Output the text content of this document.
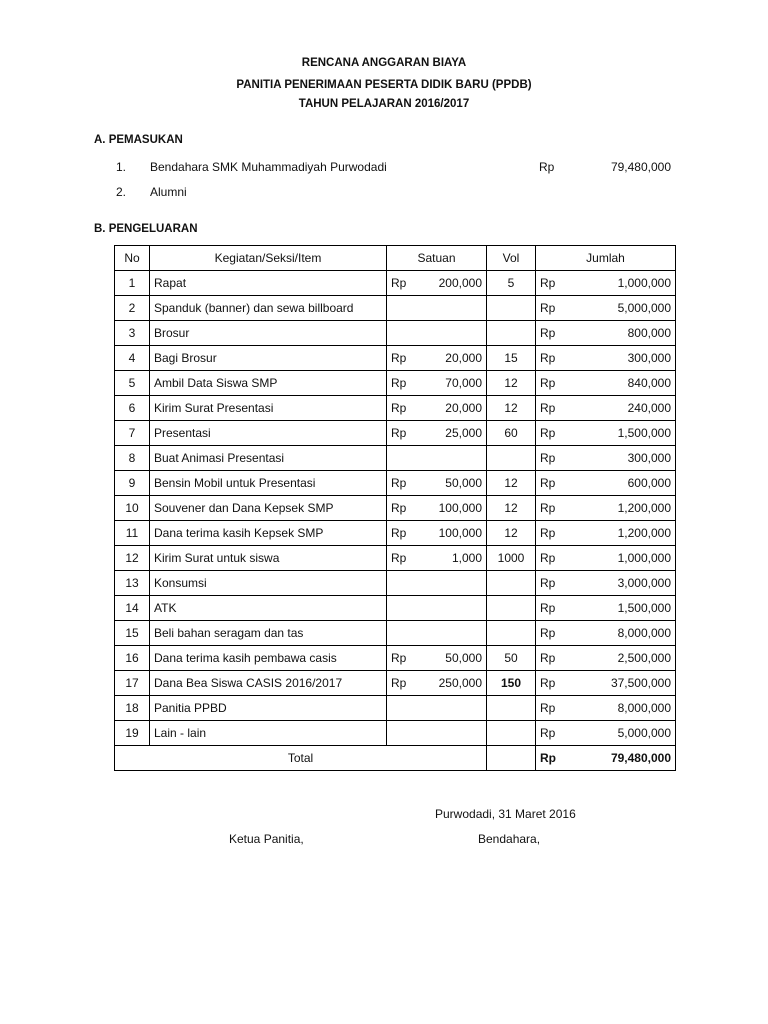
RENCANA ANGGARAN BIAYA
PANITIA PENERIMAAN PESERTA DIDIK BARU (PPDB)
TAHUN PELAJARAN 2016/2017
A. PEMASUKAN
1. Bendahara SMK Muhammadiyah Purwodadi	Rp	79,480,000
2. Alumni
B. PENGELUARAN
No	Kegiatan/Seksi/Item	Satuan	Vol	Jumlah
1	Rapat	Rp 200,000	5	Rp 1,000,000

2	Spanduk (banner) dan sewa billboard			Rp 5,000,000

3	Brosur			Rp 800,000

4	Bagi Brosur	Rp 20,000	15	Rp 300,000

5	Ambil Data Siswa SMP	Rp 70,000	12	Rp 840,000

6	Kirim Surat Presentasi	Rp 20,000	12	Rp 240,000

7	Presentasi	Rp 25,000	60	Rp 1,500,000

8	Buat Animasi Presentasi			Rp 300,000

9	Bensin Mobil untuk Presentasi	Rp 50,000	12	Rp 600,000

10	Souvener dan Dana Kepsek SMP	Rp 100,000	12	Rp 1,200,000

11	Dana terima kasih Kepsek SMP	Rp 100,000	12	Rp 1,200,000

12	Kirim Surat untuk siswa	Rp 1,000	1000	Rp 1,000,000

13	Konsumsi			Rp 3,000,000

14	ATK			Rp 1,500,000

15	Beli bahan seragam dan tas			Rp 8,000,000

16	Dana terima kasih pembawa casis	Rp 50,000	50	Rp 2,500,000

17	Dana Bea Siswa CASIS 2016/2017	Rp 250,000	150	Rp 37,500,000

18	Panitia PPBD			Rp 8,000,000

19	Lain - lain			Rp 5,000,000

Total				Rp 79,480,000
Purwodadi, 31 Maret 2016
Ketua Panitia,	Bendahara,
